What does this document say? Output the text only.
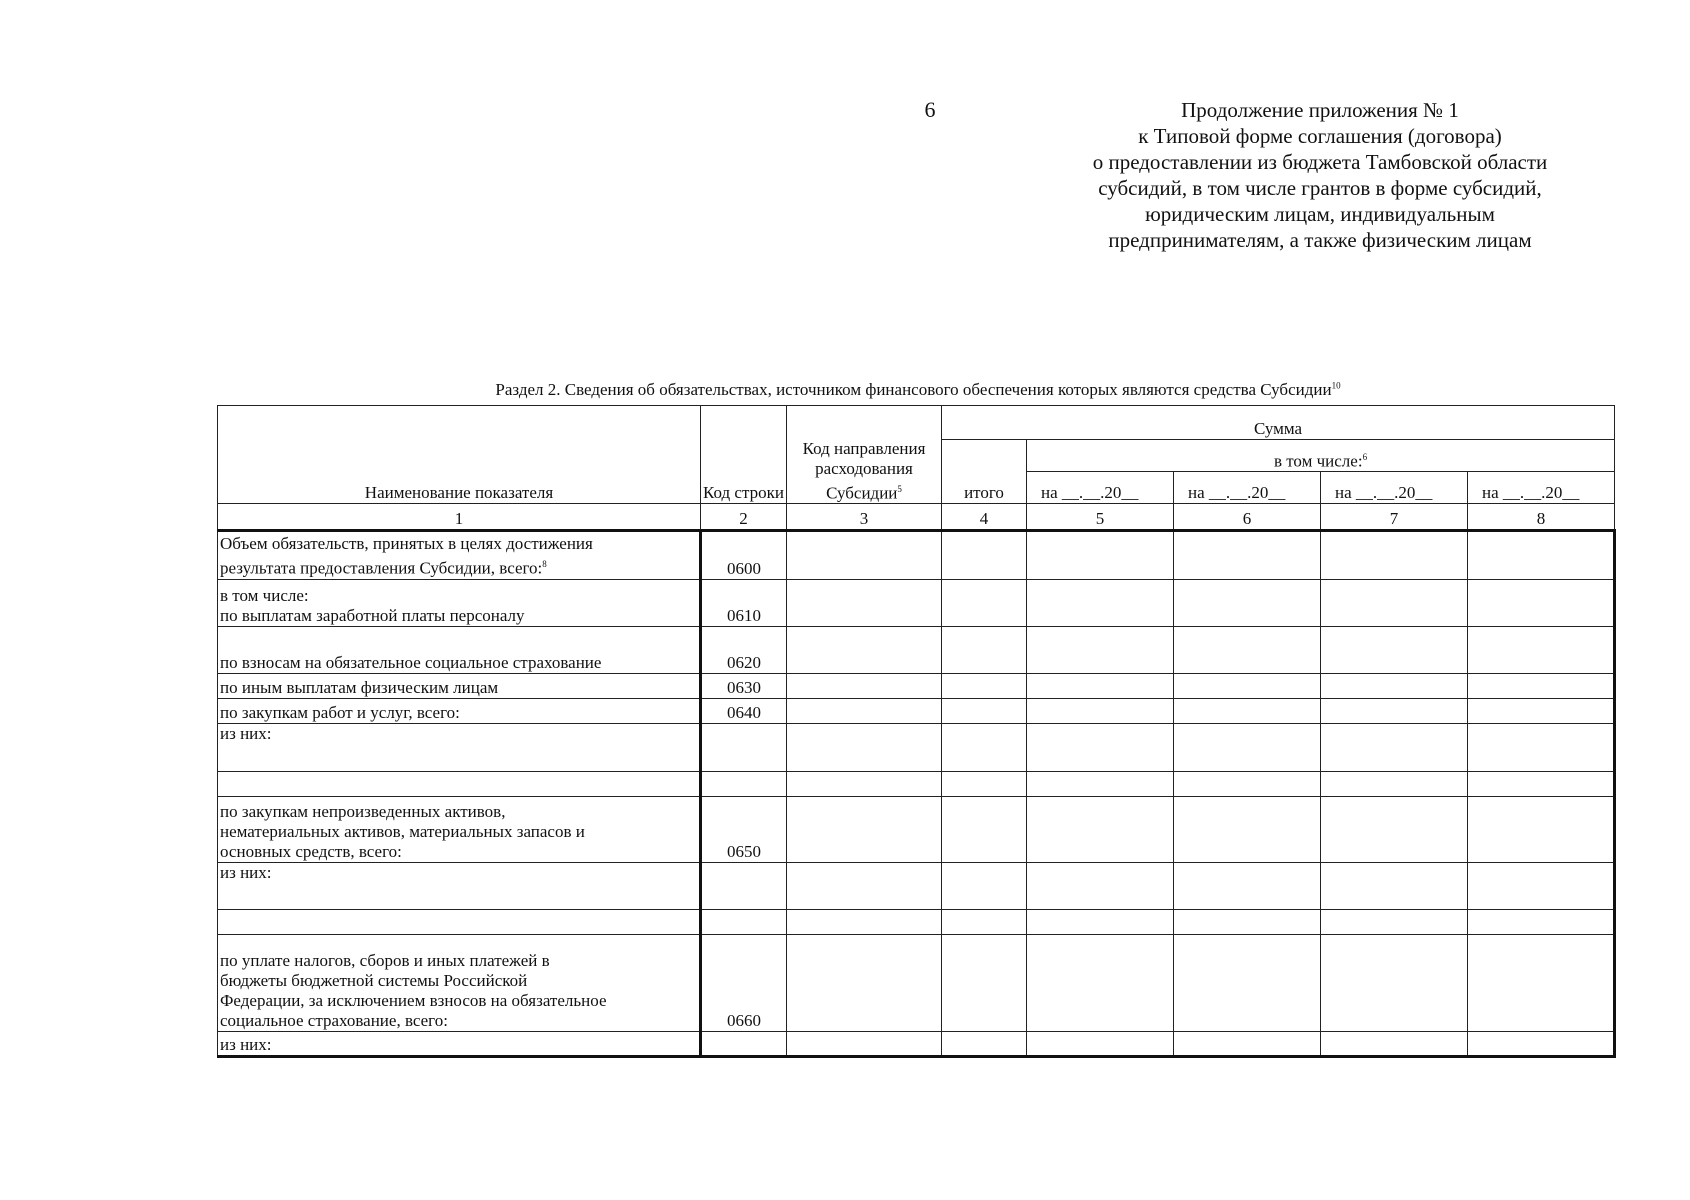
6	Продолжение приложения № 1
к Типовой форме соглашения (договора)
о предоставлении из бюджета Тамбовской области
субсидий, в том числе грантов в форме субсидий,
юридическим лицам, индивидуальным
предпринимателям, а также физическим лицам
Раздел 2. Сведения об обязательствах, источником финансового обеспечения которых являются средства Субсидии$^{10}$
Наименование показателя	Код строки	Код направления расходования Субсидии$^5$	Сумма				
			итого	в том числе:$^6$
				на __.__.20__	на __.__.20__	на __.__.20__	на __.__.20__
1	2	3	4	5	6	7	8

Объем обязательств, принятых в целях достижения
результата предоставления Субсидии, всего:$^8$	0600						

в том числе:
по выплатам заработной платы персоналу	0610						
по взносам на обязательное социальное страхование	0620						
по иным выплатам физическим лицам	0630						
по закупкам работ и услуг, всего:	0640						
из них:							

по закупкам непроизведенных активов,
нематериальных активов, материальных запасов и
основных средств, всего:	0650						
из них:							

по уплате налогов, сборов и иных платежей в
бюджеты бюджетной системы Российской
Федерации, за исключением взносов на обязательное
социальное страхование, всего:	0660						
из них:							
